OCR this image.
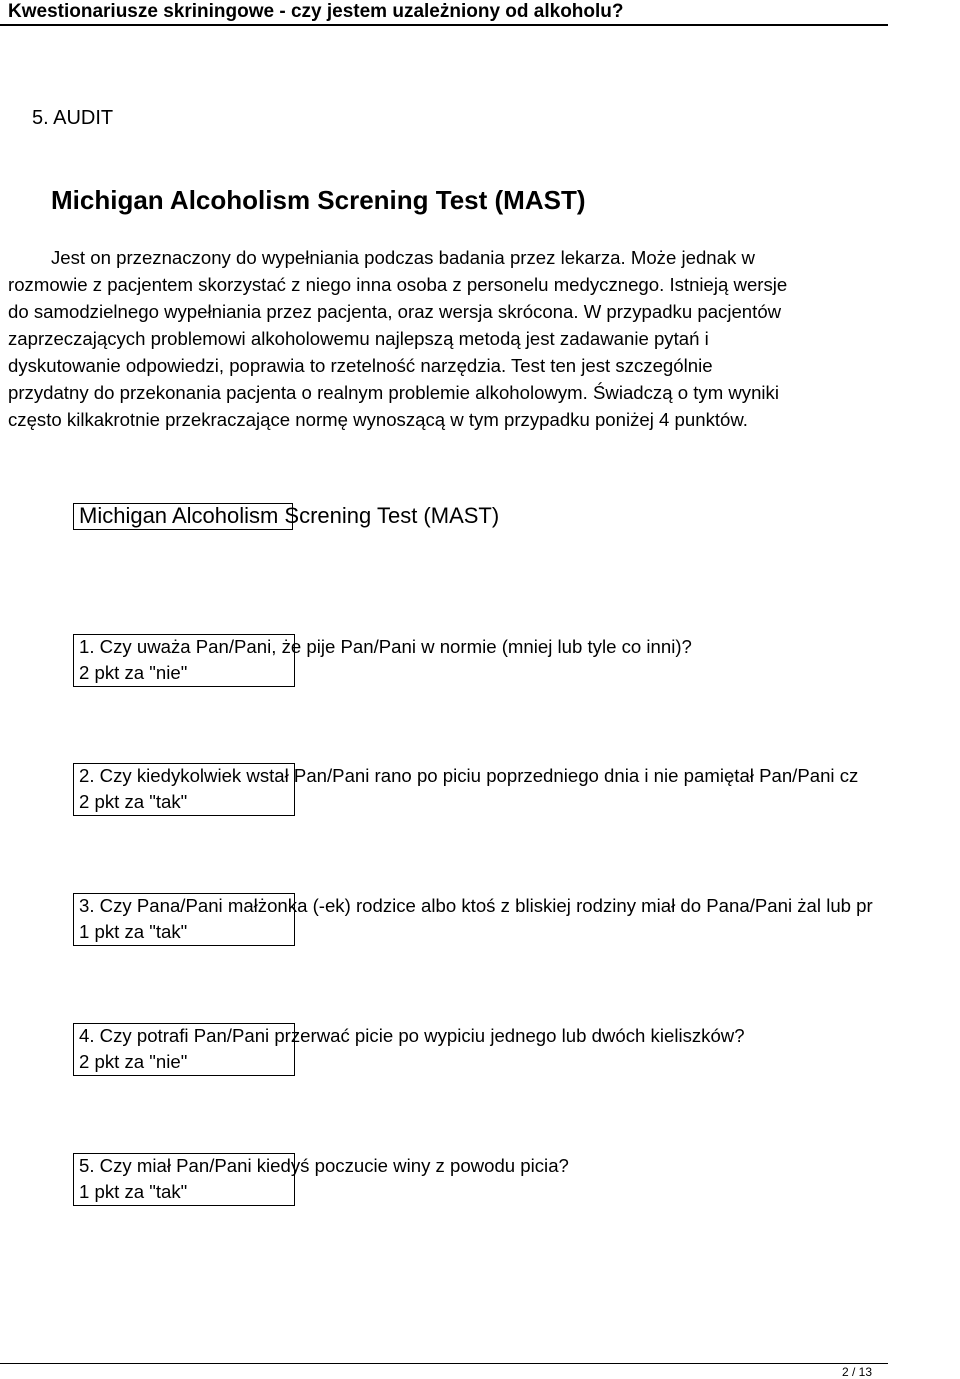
Kwestionariusze skriningowe - czy jestem uzależniony od alkoholu?
5. AUDIT
Michigan Alcoholism Screning Test (MAST)
Jest on przeznaczony do wypełniania podczas badania przez lekarza. Może jednak w
rozmowie z pacjentem skorzystać z niego inna osoba z personelu medycznego. Istnieją wersje
do samodzielnego wypełniania przez pacjenta, oraz wersja skrócona. W przypadku pacjentów
zaprzeczających problemowi alkoholowemu najlepszą metodą jest zadawanie pytań i
dyskutowanie odpowiedzi, poprawia to rzetelność narzędzia. Test ten jest szczególnie
przydatny do przekonania pacjenta o realnym problemie alkoholowym. Świadczą o tym wyniki
często kilkakrotnie przekraczające normę wynoszącą w tym przypadku poniżej 4 punktów.
Michigan Alcoholism Screning Test (MAST)
1. Czy uważa Pan/Pani, że pije Pan/Pani w normie (mniej lub tyle co inni)?
2 pkt za "nie"
2. Czy kiedykolwiek wstał Pan/Pani rano po piciu poprzedniego dnia i nie pamiętał Pan/Pani cz
2 pkt za "tak"
3. Czy Pana/Pani małżonka (-ek) rodzice albo ktoś z bliskiej rodziny miał do Pana/Pani żal lub pr
1 pkt za "tak"
4. Czy potrafi Pan/Pani przerwać picie po wypiciu jednego lub dwóch kieliszków?
2 pkt za "nie"
5. Czy miał Pan/Pani kiedyś poczucie winy z powodu picia?
1 pkt za "tak"
2 / 13
